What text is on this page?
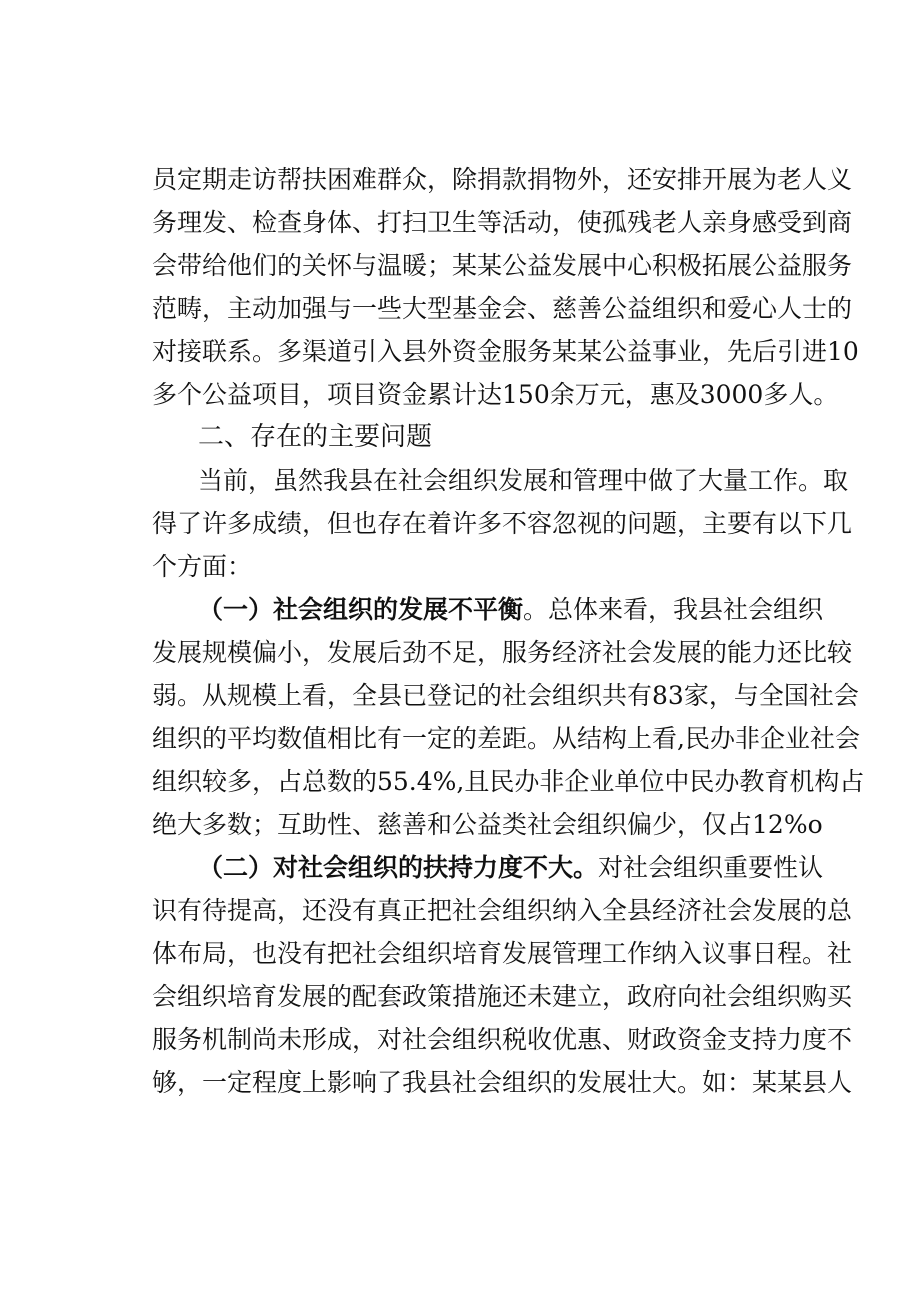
员定期走访帮扶困难群众，除捐款捐物外，还安排开展为老人义
务理发、检查身体、打扫卫生等活动，使孤残老人亲身感受到商
会带给他们的关怀与温暖；某某公益发展中心积极拓展公益服务
范畴，主动加强与一些大型基金会、慈善公益组织和爱心人士的
对接联系。多渠道引入县外资金服务某某公益事业，先后引进10
多个公益项目，项目资金累计达150余万元，惠及3000多人。
二、存在的主要问题
当前，虽然我县在社会组织发展和管理中做了大量工作。取
得了许多成绩，但也存在着许多不容忽视的问题，主要有以下几
个方面：
（一）社会组织的发展不平衡。总体来看，我县社会组织
发展规模偏小，发展后劲不足，服务经济社会发展的能力还比较
弱。从规模上看，全县已登记的社会组织共有83家，与全国社会
组织的平均数值相比有一定的差距。从结构上看,民办非企业社会
组织较多，占总数的55.4%,且民办非企业单位中民办教育机构占
绝大多数；互助性、慈善和公益类社会组织偏少，仅占12%o
（二）对社会组织的扶持力度不大。对社会组织重要性认
识有待提高，还没有真正把社会组织纳入全县经济社会发展的总
体布局，也没有把社会组织培育发展管理工作纳入议事日程。社
会组织培育发展的配套政策措施还未建立，政府向社会组织购买
服务机制尚未形成，对社会组织税收优惠、财政资金支持力度不
够，一定程度上影响了我县社会组织的发展壮大。如：某某县人
